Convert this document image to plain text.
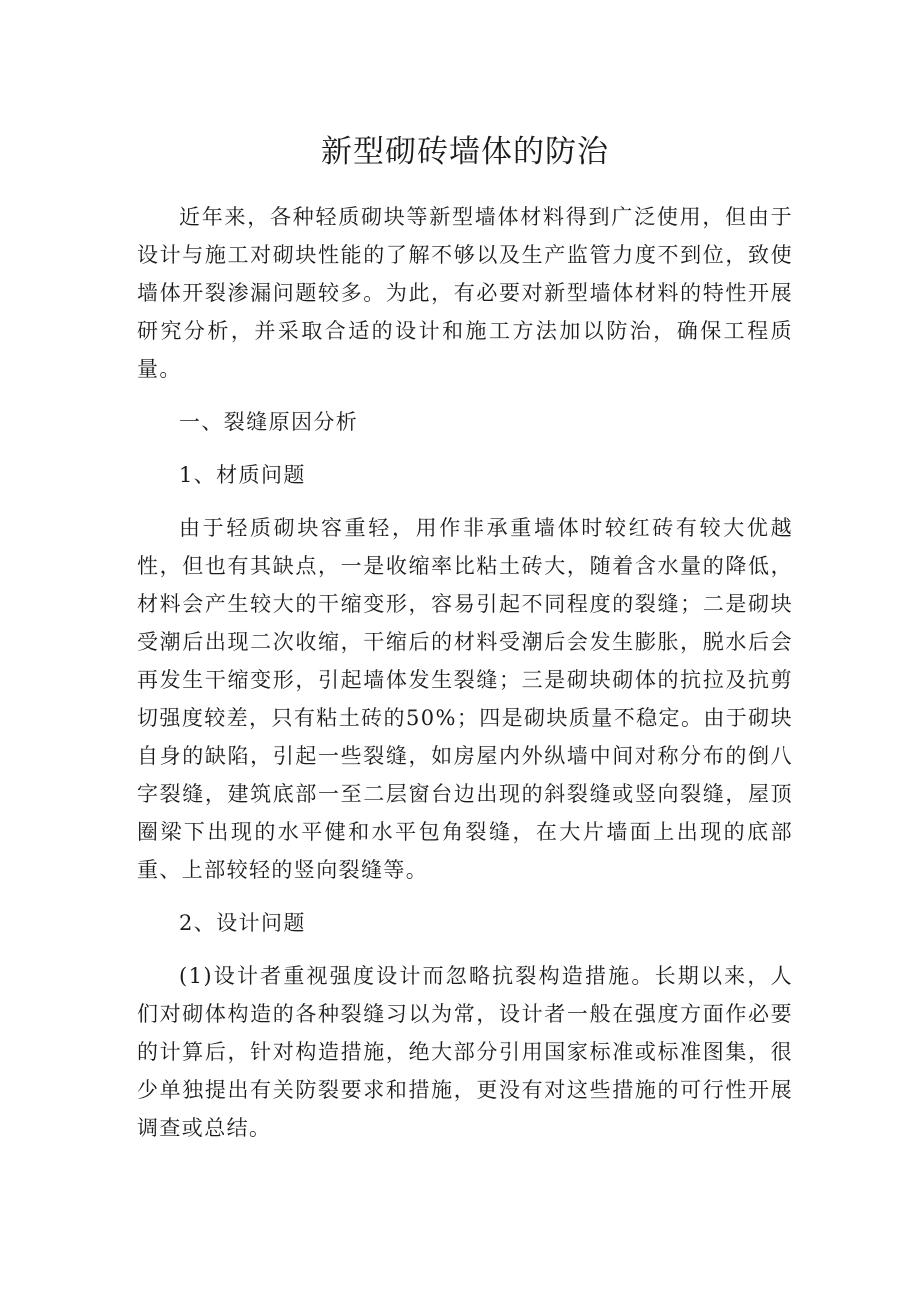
新型砌砖墙体的防治

近年来，各种轻质砌块等新型墙体材料得到广泛使用，但由于设计与施工对砌块性能的了解不够以及生产监管力度不到位，致使墙体开裂渗漏问题较多。为此，有必要对新型墙体材料的特性开展研究分析，并采取合适的设计和施工方法加以防治，确保工程质量。

一、裂缝原因分析

1、材质问题

由于轻质砌块容重轻，用作非承重墙体时较红砖有较大优越性，但也有其缺点，一是收缩率比粘土砖大，随着含水量的降低，材料会产生较大的干缩变形，容易引起不同程度的裂缝；二是砌块受潮后出现二次收缩，干缩后的材料受潮后会发生膨胀，脱水后会再发生干缩变形，引起墙体发生裂缝；三是砌块砌体的抗拉及抗剪切强度较差，只有粘土砖的50%；四是砌块质量不稳定。由于砌块自身的缺陷，引起一些裂缝，如房屋内外纵墙中间对称分布的倒八字裂缝，建筑底部一至二层窗台边出现的斜裂缝或竖向裂缝，屋顶圈梁下出现的水平健和水平包角裂缝，在大片墙面上出现的底部重、上部较轻的竖向裂缝等。

2、设计问题

(1)设计者重视强度设计而忽略抗裂构造措施。长期以来，人们对砌体构造的各种裂缝习以为常，设计者一般在强度方面作必要的计算后，针对构造措施，绝大部分引用国家标准或标准图集，很少单独提出有关防裂要求和措施，更没有对这些措施的可行性开展调查或总结。
